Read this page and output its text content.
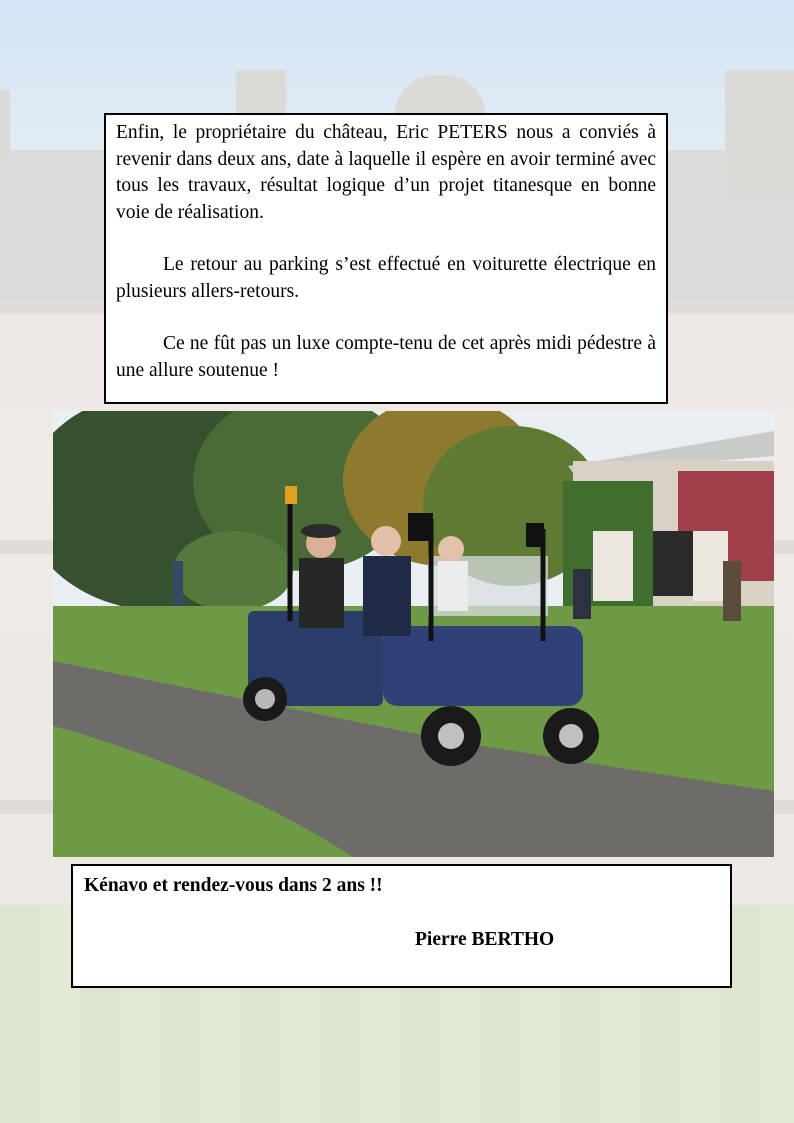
Enfin, le propriétaire du château, Eric PETERS nous a conviés à revenir dans deux ans, date à laquelle il espère en avoir terminé avec tous les travaux, résultat logique d’un projet titanesque en bonne voie de réalisation.

Le retour au parking s’est effectué en voiturette électrique en plusieurs allers-retours.

Ce ne fût pas un luxe compte-tenu de cet après midi pédestre à une allure soutenue !

Kénavo et rendez-vous dans 2 ans !!

Pierre BERTHO
